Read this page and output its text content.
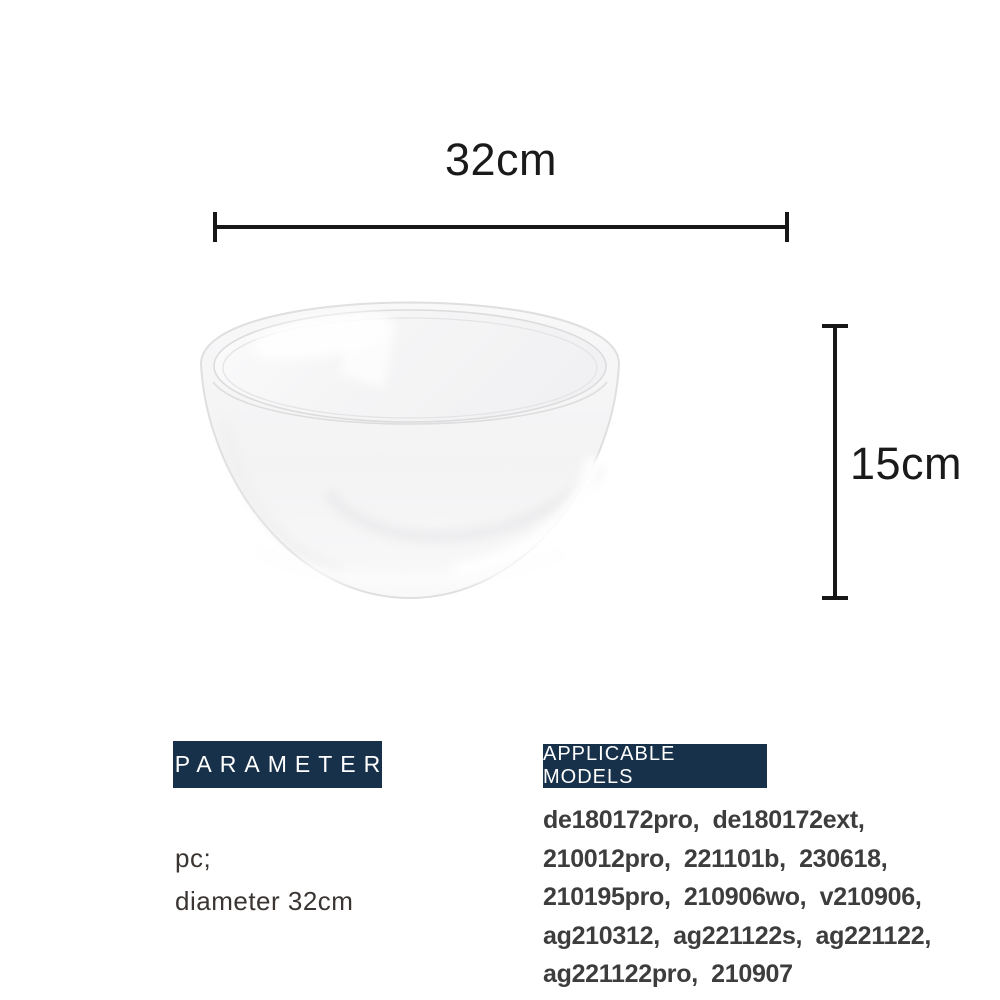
32cm
15cm
PARAMETER
pc;
diameter 32cm
APPLICABLE MODELS
de180172pro,  de180172ext,
210012pro,  221101b,  230618,
210195pro,  210906wo,  v210906,
ag210312,  ag221122s,  ag221122,
ag221122pro,  210907
